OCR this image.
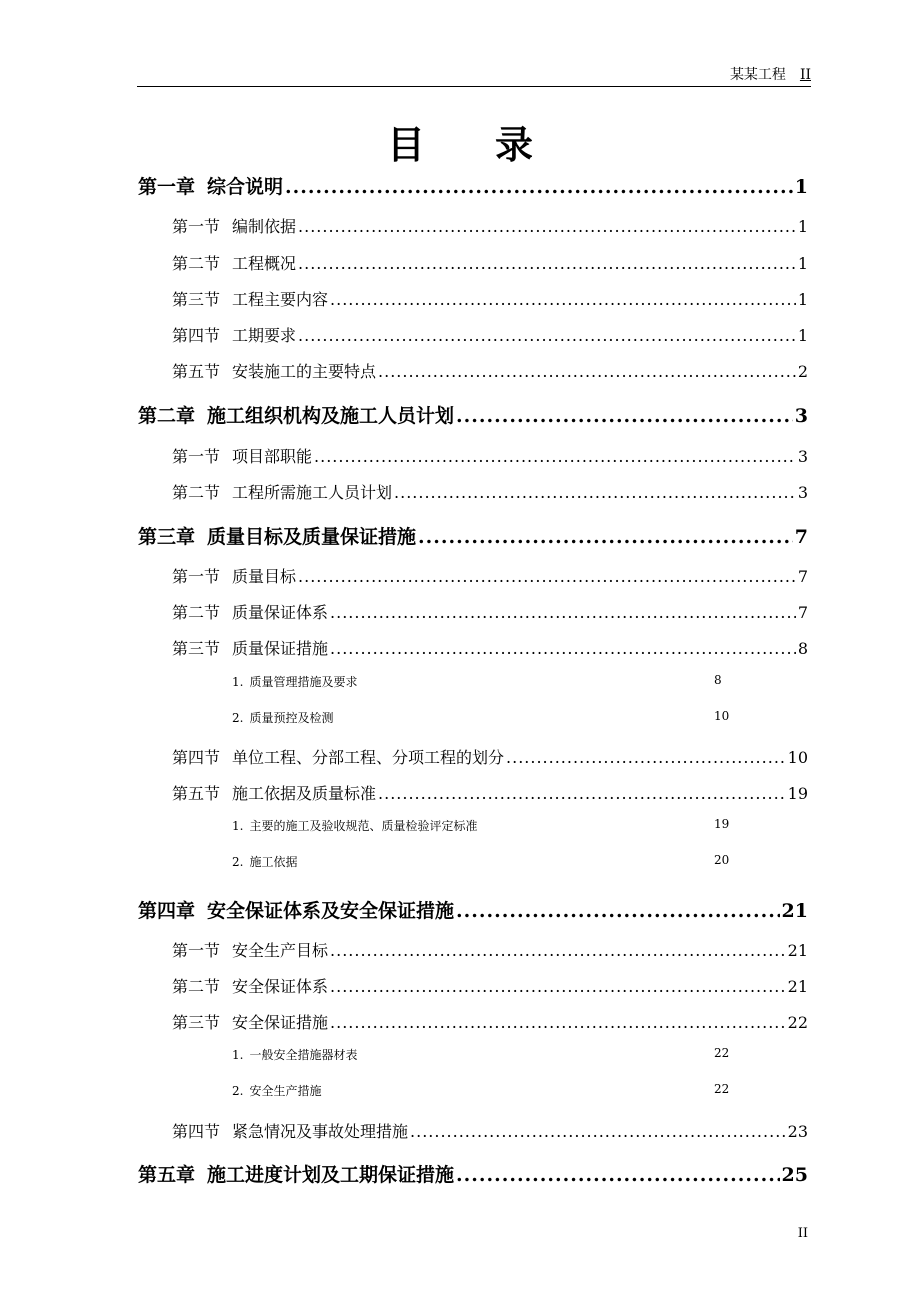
某某工程 II
目录
第一章 综合说明 .....	1
第一节 编制依据 .....	1
第二节 工程概况 .....	1
第三节 工程主要内容 .....	1
第四节 工期要求 .....	1
第五节 安装施工的主要特点 .....	2
第二章 施工组织机构及施工人员计划 .....	3
第一节 项目部职能 .....	3
第二节 工程所需施工人员计划 .....	3
第三章 质量目标及质量保证措施 .....	7
第一节 质量目标 .....	7
第二节 质量保证体系 .....	7
第三节 质量保证措施 .....	8
1. 质量管理措施及要求	8
2. 质量预控及检测	10
第四节 单位工程、分部工程、分项工程的划分 .....	10
第五节 施工依据及质量标准 .....	19
1. 主要的施工及验收规范、质量检验评定标准	19
2. 施工依据	20
第四章 安全保证体系及安全保证措施 .....	21
第一节 安全生产目标 .....	21
第二节 安全保证体系 .....	21
第三节 安全保证措施 .....	22
1. 一般安全措施器材表	22
2. 安全生产措施	22
第四节 紧急情况及事故处理措施 .....	23
第五章 施工进度计划及工期保证措施 .....	25
II
